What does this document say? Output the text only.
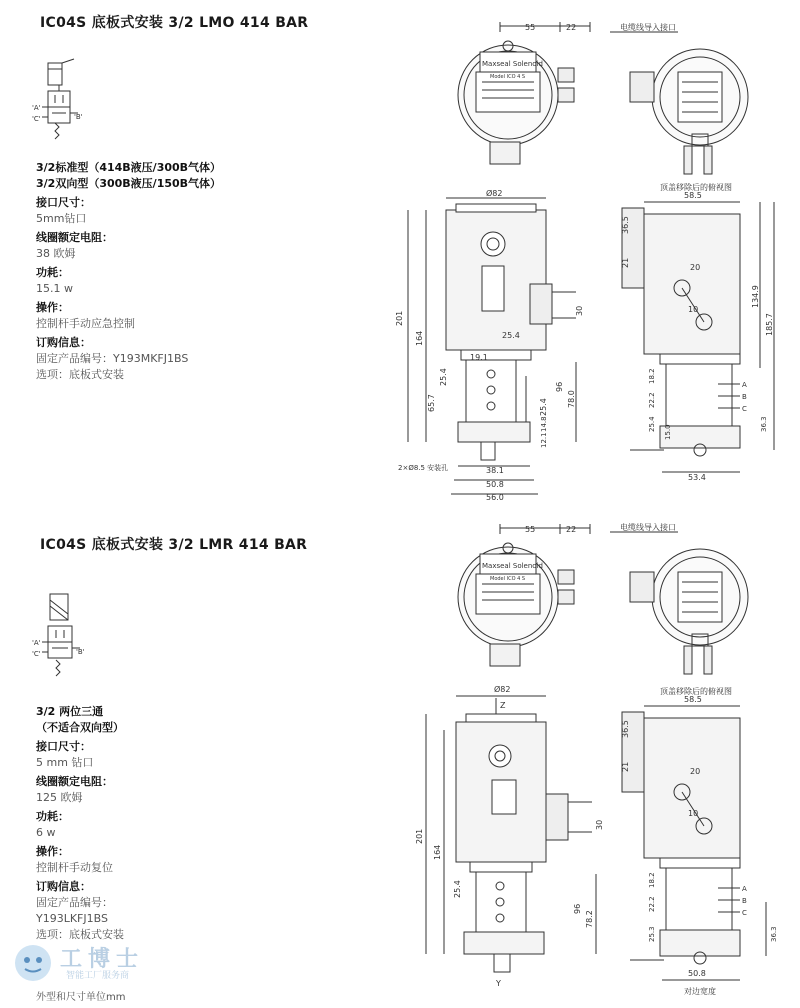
IC04S 底板式安装 3/2 LMO 414 BAR
'A'
'C'	'B'
3/2标准型（414B液压/300B气体）
3/2双向型（300B液压/150B气体）
接口尺寸：
5mm钻口
线圈额定电阻：
38 欧姆
功耗：
15.1 w
操作：
控制杆手动应急控制
订购信息：
固定产品编号：Y193MKFJ1BS
选项：底板式安装
55	22
Maxseal Solenoid
Model ICO 4 S
电缆线导入接口
顶盖移除后的俯视图
Ø82
201
164
19.1
25.4
25.4
65.7	25.4
96
78.0
12.1
14.8
38.1
50.8
56.0
30
2×Ø8.5 安装孔
58.5
36.5
21	20
10
134.9
185.7
18.2
22.2
25.4
15.0
36.3
53.4
A
B
C
IC04S 底板式安装 3/2 LMR 414 BAR
'A'
'C'	'B'
3/2 两位三通
（不适合双向型）
接口尺寸：
5 mm 钻口
线圈额定电阻：
125 欧姆
功耗：
6 w
操作：
控制杆手动复位
订购信息：
固定产品编号：
Y193LKFJ1BS
选项：底板式安装
55	22
Maxseal Solenoid
Model ICO 4 S
电缆线导入接口
顶盖移除后的俯视图
Ø82
Z
Y
201
164
25.4
96
78.2
30
58.5
36.5
21	20
10
18.2
22.2
25.3	36.3
50.8
对边宽度
A
B
C
工博士
智能工厂服务商
外型和尺寸单位mm
